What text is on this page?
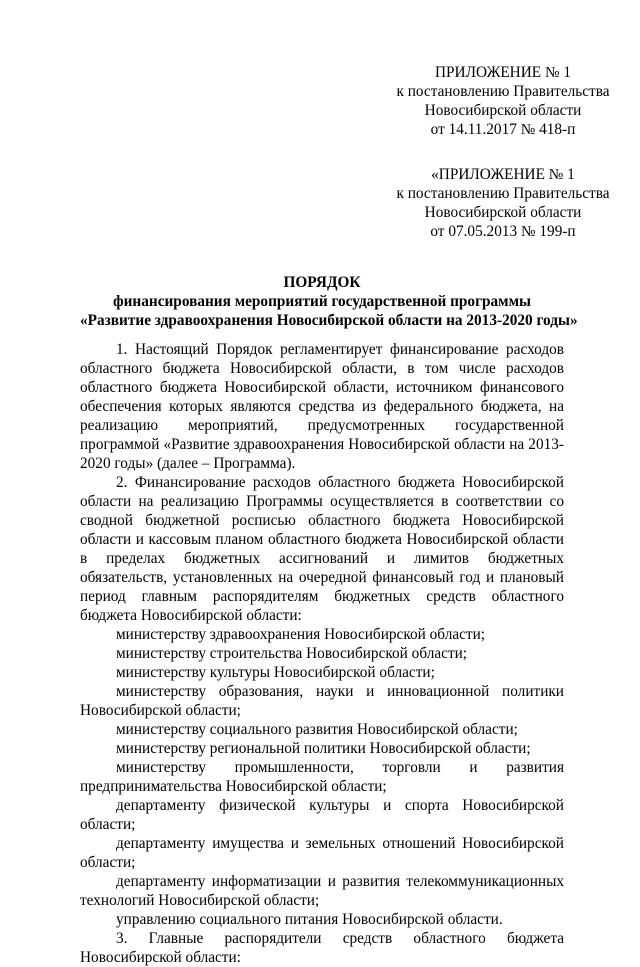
ПРИЛОЖЕНИЕ № 1
к постановлению Правительства
Новосибирской области
от 14.11.2017 № 418-п
«ПРИЛОЖЕНИЕ № 1
к постановлению Правительства
Новосибирской области
от 07.05.2013 № 199-п
ПОРЯДОК
финансирования мероприятий государственной программы
«Развитие здравоохранения Новосибирской области на 2013-2020 годы»
1. Настоящий Порядок регламентирует финансирование расходов областного бюджета Новосибирской области, в том числе расходов областного бюджета Новосибирской области, источником финансового обеспечения которых являются средства из федерального бюджета, на реализацию мероприятий, предусмотренных государственной программой «Развитие здравоохранения Новосибирской области на 2013-2020 годы» (далее – Программа).
2. Финансирование расходов областного бюджета Новосибирской области на реализацию Программы осуществляется в соответствии со сводной бюджетной росписью областного бюджета Новосибирской области и кассовым планом областного бюджета Новосибирской области в пределах бюджетных ассигнований и лимитов бюджетных обязательств, установленных на очередной финансовый год и плановый период главным распорядителям бюджетных средств областного бюджета Новосибирской области:
министерству здравоохранения Новосибирской области;
министерству строительства Новосибирской области;
министерству культуры Новосибирской области;
министерству образования, науки и инновационной политики Новосибирской области;
министерству социального развития Новосибирской области;
министерству региональной политики Новосибирской области;
министерству промышленности, торговли и развития предпринимательства Новосибирской области;
департаменту физической культуры и спорта Новосибирской области;
департаменту имущества и земельных отношений Новосибирской области;
департаменту информатизации и развития телекоммуникационных технологий Новосибирской области;
управлению социального питания Новосибирской области.
3. Главные распорядители средств областного бюджета Новосибирской области:
